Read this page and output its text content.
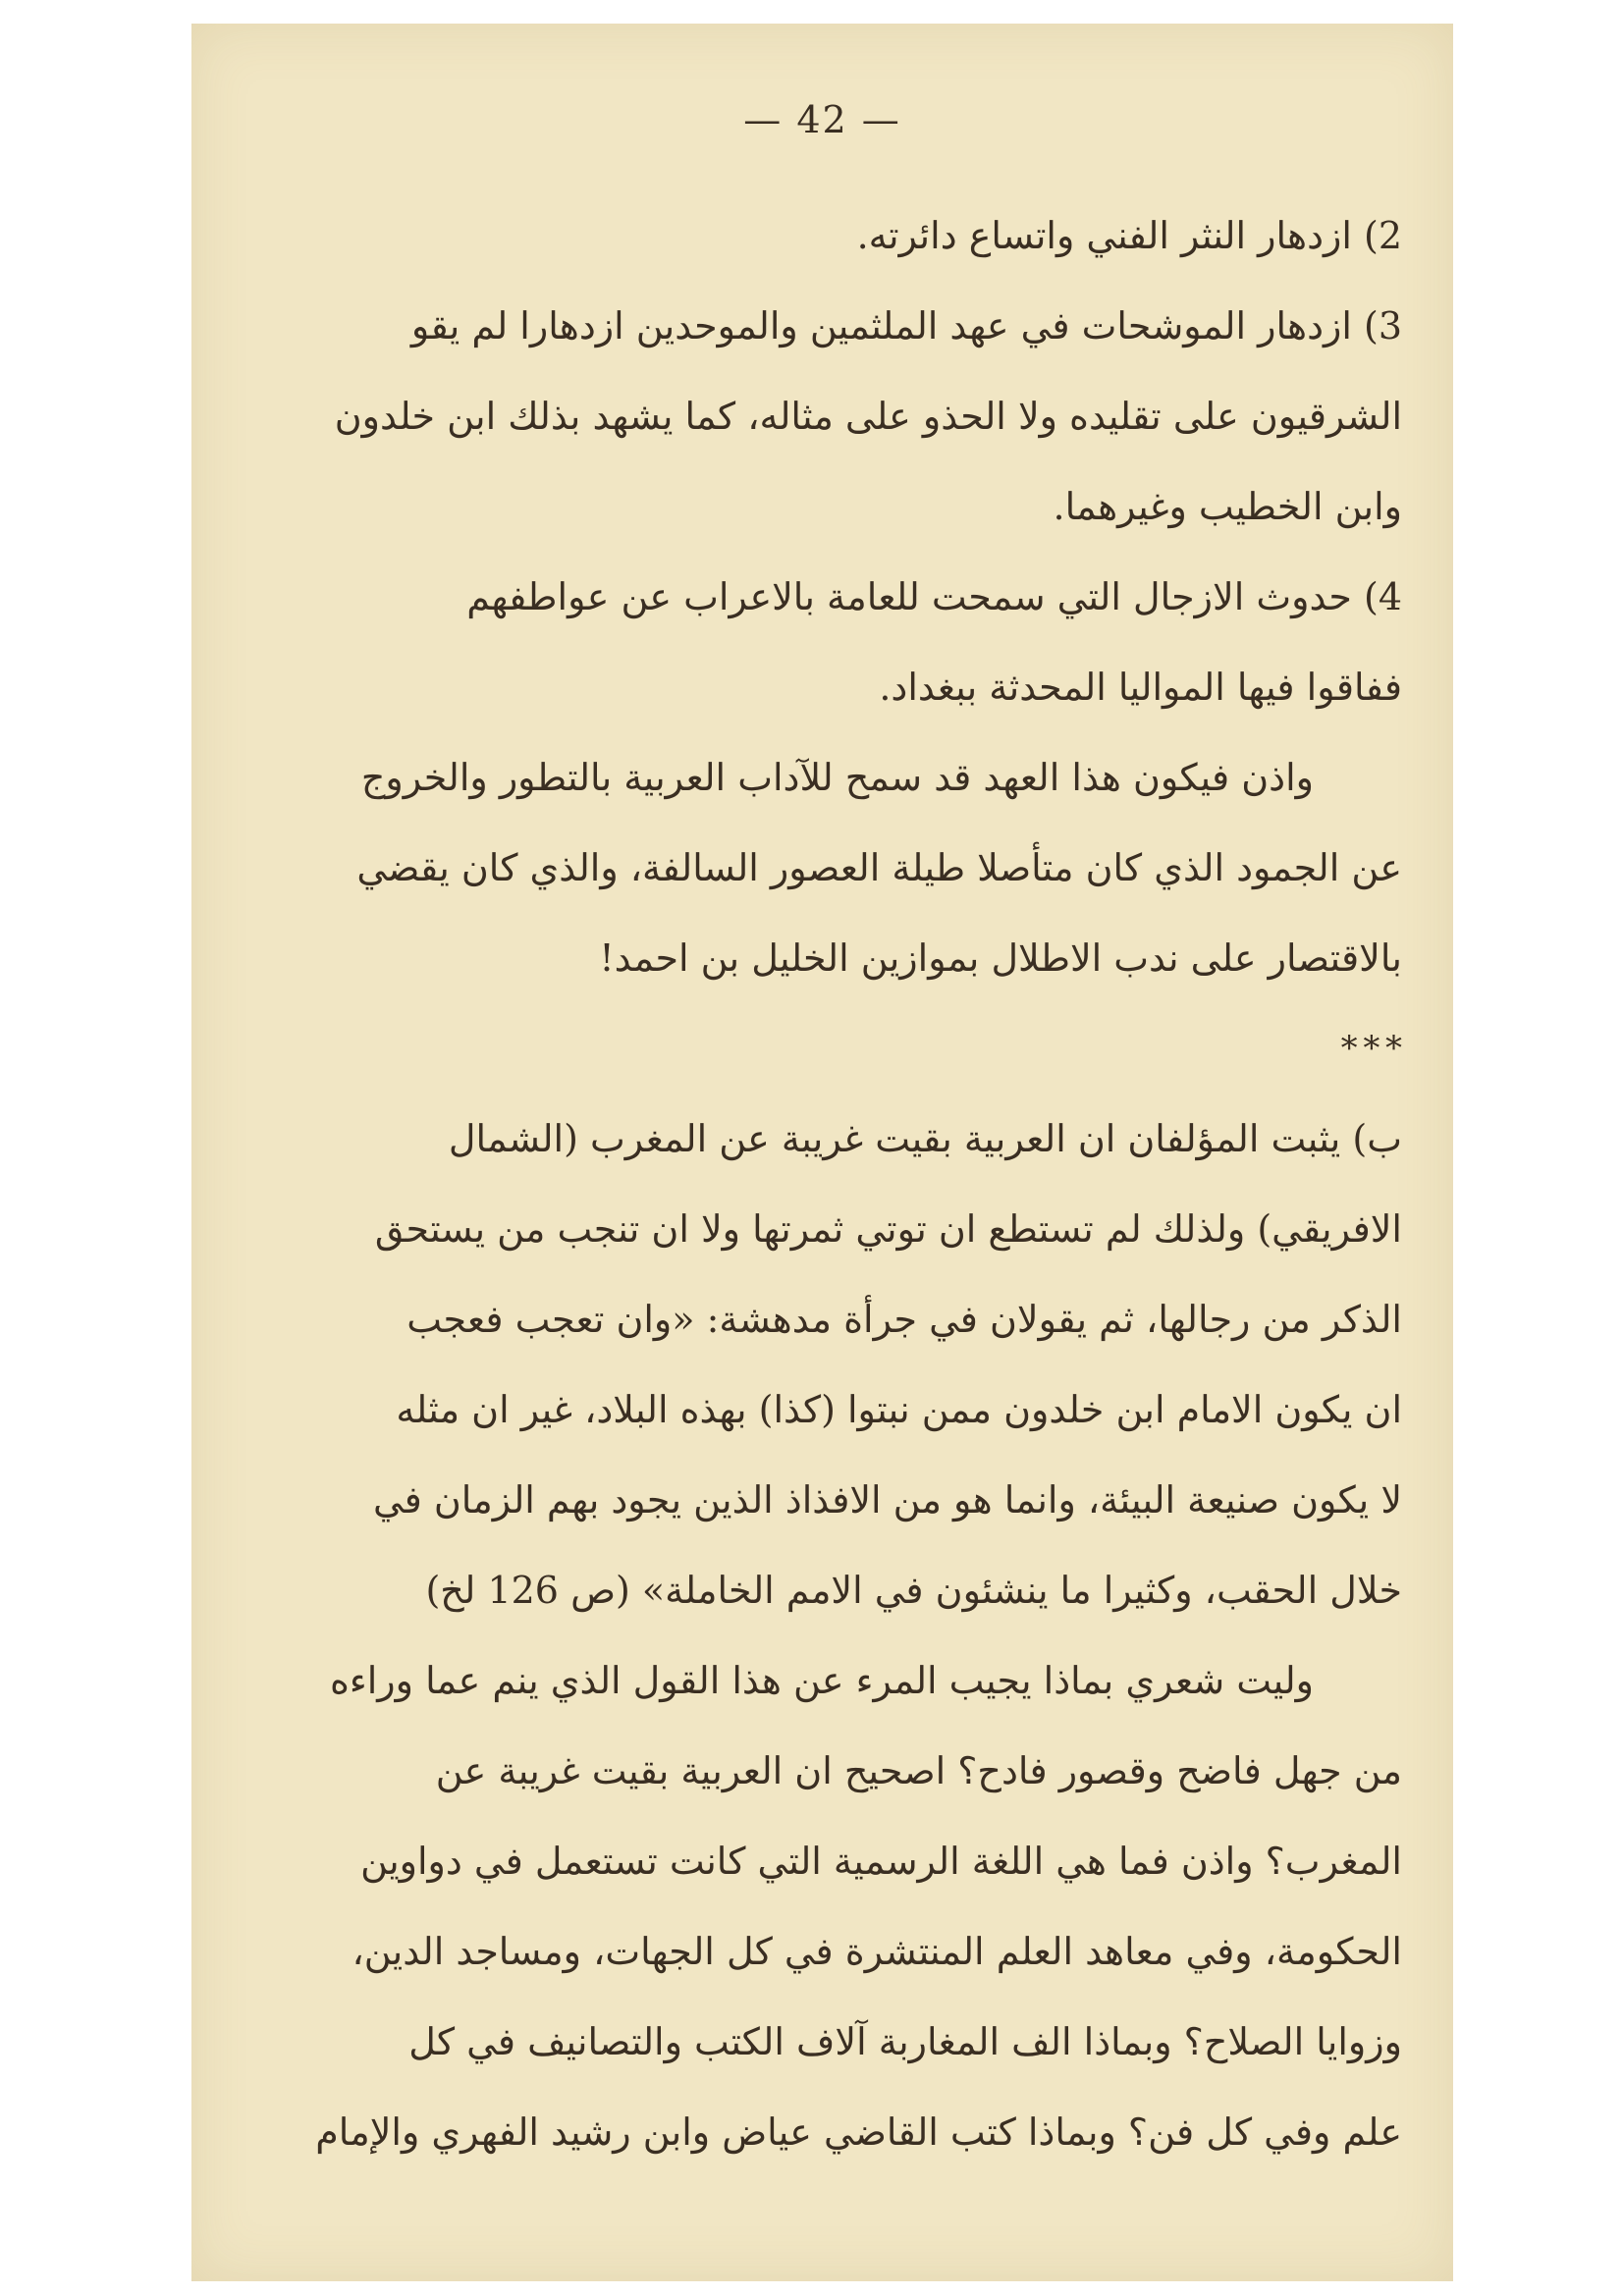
— 42 —
2) ازدهار النثر الفني واتساع دائرته.
3) ازدهار الموشحات في عهد الملثمين والموحدين ازدهارا لم يقو
الشرقيون على تقليده ولا الحذو على مثاله، كما يشهد بذلك ابن خلدون
وابن الخطيب وغيرهما.
4) حدوث الازجال التي سمحت للعامة بالاعراب عن عواطفهم
ففاقوا فيها المواليا المحدثة ببغداد.
واذن فيكون هذا العهد قد سمح للآداب العربية بالتطور والخروج
عن الجمود الذي كان متأصلا طيلة العصور السالفة، والذي كان يقضي
بالاقتصار على ندب الاطلال بموازين الخليل بن احمد!
* * *
ب) يثبت المؤلفان ان العربية بقيت غريبة عن المغرب (الشمال
الافريقي) ولذلك لم تستطع ان توتي ثمرتها ولا ان تنجب من يستحق
الذكر من رجالها، ثم يقولان في جرأة مدهشة: «وان تعجب فعجب
ان يكون الامام ابن خلدون ممن نبتوا (كذا) بهذه البلاد، غير ان مثله
لا يكون صنيعة البيئة، وانما هو من الافذاذ الذين يجود بهم الزمان في
خلال الحقب، وكثيرا ما ينشئون في الامم الخاملة» (ص 126 لخ)
وليت شعري بماذا يجيب المرء عن هذا القول الذي ينم عما وراءه
من جهل فاضح وقصور فادح؟ اصحيح ان العربية بقيت غريبة عن
المغرب؟ واذن فما هي اللغة الرسمية التي كانت تستعمل في دواوين
الحكومة، وفي معاهد العلم المنتشرة في كل الجهات، ومساجد الدين،
وزوايا الصلاح؟ وبماذا الف المغاربة آلاف الكتب والتصانيف في كل
علم وفي كل فن؟ وبماذا كتب القاضي عياض وابن رشيد الفهري والإمام
